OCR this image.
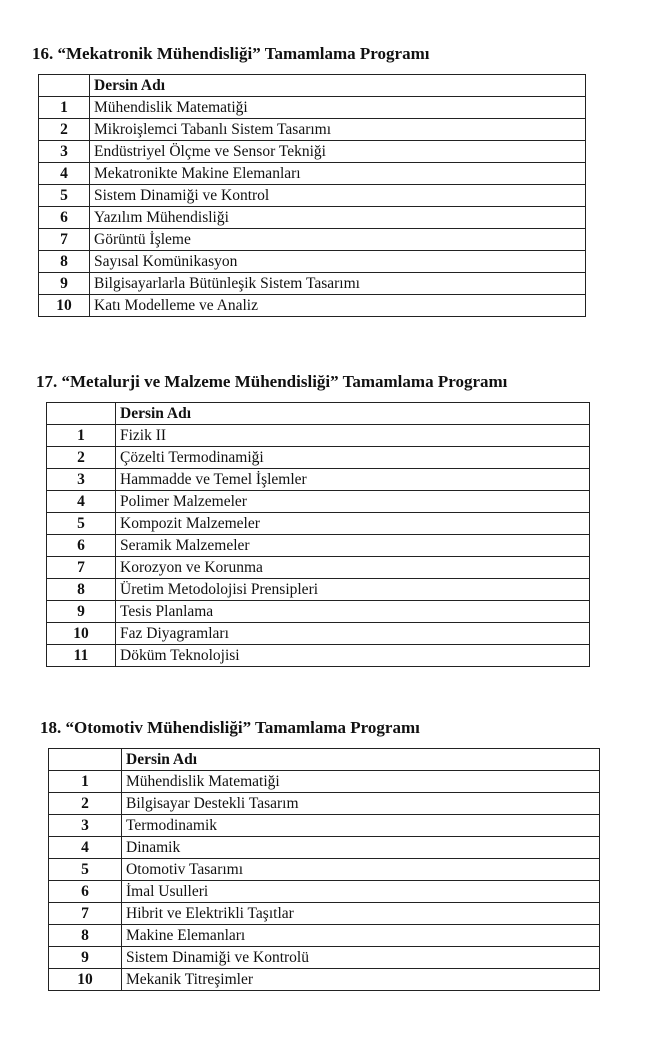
16. “Mekatronik Mühendisliği” Tamamlama Programı
	Dersin Adı
1	Mühendislik Matematiği
2	Mikroişlemci Tabanlı Sistem Tasarımı
3	Endüstriyel Ölçme ve Sensor Tekniği
4	Mekatronikte Makine Elemanları
5	Sistem Dinamiği ve Kontrol
6	Yazılım Mühendisliği
7	Görüntü İşleme
8	Sayısal Komünikasyon
9	Bilgisayarlarla Bütünleşik Sistem Tasarımı
10	Katı Modelleme ve Analiz
17. “Metalurji ve Malzeme Mühendisliği” Tamamlama Programı
	Dersin Adı
1	Fizik II
2	Çözelti Termodinamiği
3	Hammadde ve Temel İşlemler
4	Polimer Malzemeler
5	Kompozit Malzemeler
6	Seramik Malzemeler
7	Korozyon ve Korunma
8	Üretim Metodolojisi Prensipleri
9	Tesis Planlama
10	Faz Diyagramları
11	Döküm Teknolojisi
18. “Otomotiv Mühendisliği” Tamamlama Programı
	Dersin Adı
1	Mühendislik Matematiği
2	Bilgisayar Destekli Tasarım
3	Termodinamik
4	Dinamik
5	Otomotiv Tasarımı
6	İmal Usulleri
7	Hibrit ve Elektrikli Taşıtlar
8	Makine Elemanları
9	Sistem Dinamiği ve Kontrolü
10	Mekanik Titreşimler
